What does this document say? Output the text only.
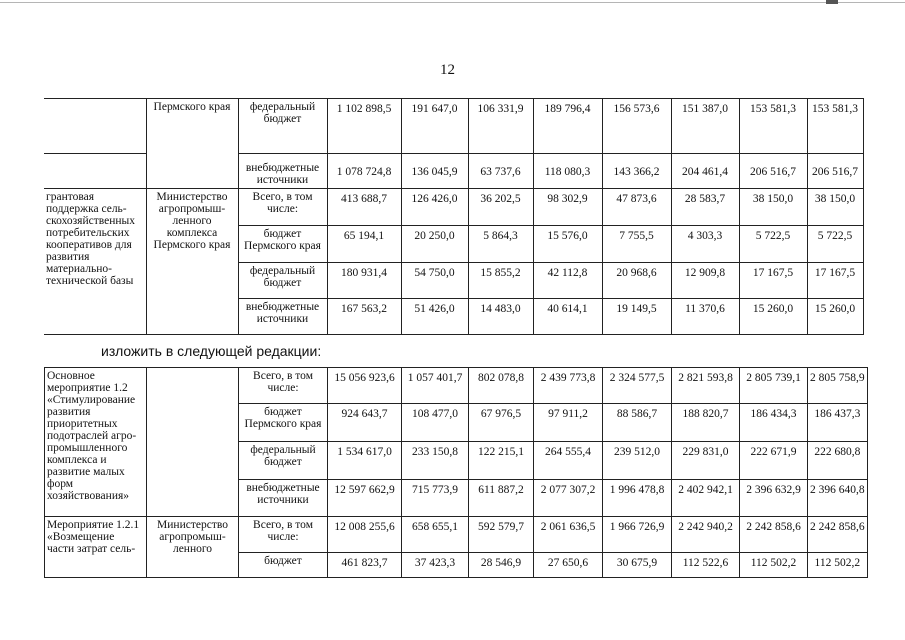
12
	Пермского края	федеральный бюджет	1 102 898,5	191 647,0	106 331,9	189 796,4	156 573,6	151 387,0	153 581,3	153 581,3
		внебюджетные источники	1 078 724,8	136 045,9	63 737,6	118 080,3	143 366,2	204 461,4	206 516,7	206 516,7
грантовая поддержка сель-скохозяйственных потребительских кооперативов для развития материально-технической базы	Министерство агропромыш-ленного комплекса Пермского края	Всего, в том числе:	413 688,7	126 426,0	36 202,5	98 302,9	47 873,6	28 583,7	38 150,0	38 150,0
		бюджет Пермского края	65 194,1	20 250,0	5 864,3	15 576,0	7 755,5	4 303,3	5 722,5	5 722,5
		федеральный бюджет	180 931,4	54 750,0	15 855,2	42 112,8	20 968,6	12 909,8	17 167,5	17 167,5
		внебюджетные источники	167 563,2	51 426,0	14 483,0	40 614,1	19 149,5	11 370,6	15 260,0	15 260,0
изложить в следующей редакции:
Основное мероприятие 1.2 «Стимулирование развития приоритетных подотраслей агро-промышленного комплекса и развитие малых форм хозяйствования»		Всего, в том числе:	15 056 923,6	1 057 401,7	802 078,8	2 439 773,8	2 324 577,5	2 821 593,8	2 805 739,1	2 805 758,9
		бюджет Пермского края	924 643,7	108 477,0	67 976,5	97 911,2	88 586,7	188 820,7	186 434,3	186 437,3
		федеральный бюджет	1 534 617,0	233 150,8	122 215,1	264 555,4	239 512,0	229 831,0	222 671,9	222 680,8
		внебюджетные источники	12 597 662,9	715 773,9	611 887,2	2 077 307,2	1 996 478,8	2 402 942,1	2 396 632,9	2 396 640,8
Мероприятие 1.2.1 «Возмещение части затрат сель-	Министерство агропромыш-ленного	Всего, в том числе:	12 008 255,6	658 655,1	592 579,7	2 061 636,5	1 966 726,9	2 242 940,2	2 242 858,6	2 242 858,6
		бюджет	461 823,7	37 423,3	28 546,9	27 650,6	30 675,9	112 522,6	112 502,2	112 502,2
